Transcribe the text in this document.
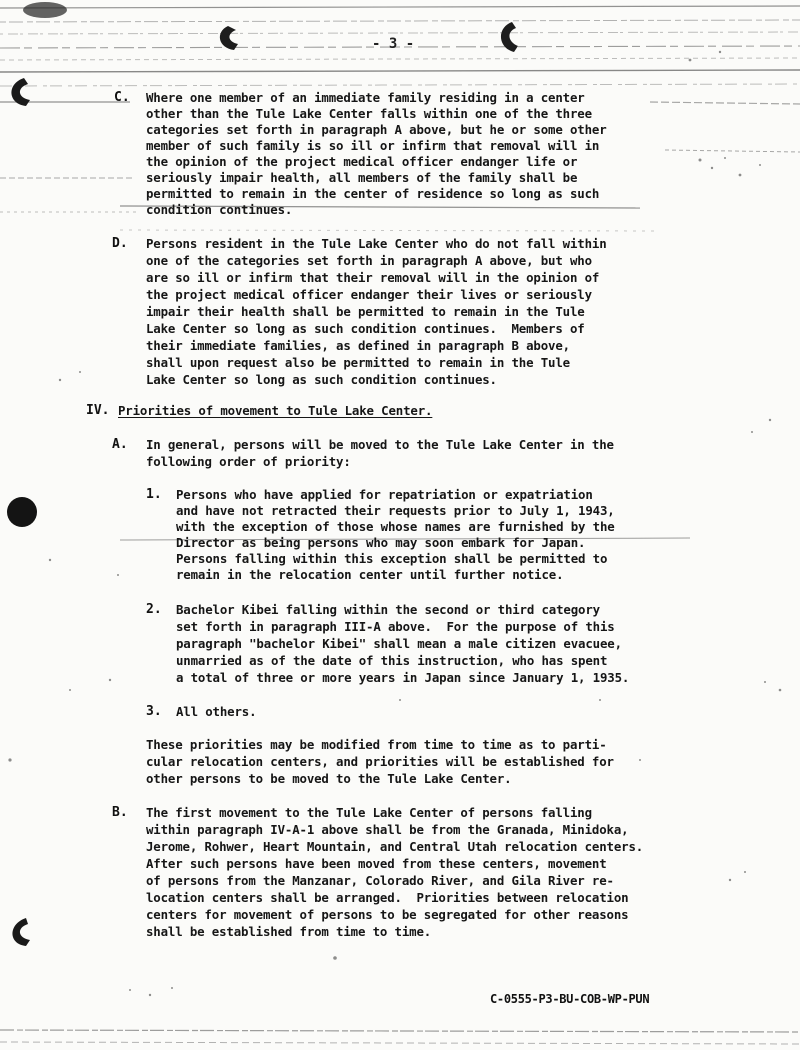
- 3 -
C. Where one member of an immediate family residing in a center
other than the Tule Lake Center falls within one of the three
categories set forth in paragraph A above, but he or some other
member of such family is so ill or infirm that removal will in
the opinion of the project medical officer endanger life or
seriously impair health, all members of the family shall be
permitted to remain in the center of residence so long as such
condition continues.
D. Persons resident in the Tule Lake Center who do not fall within
one of the categories set forth in paragraph A above, but who
are so ill or infirm that their removal will in the opinion of
the project medical officer endanger their lives or seriously
impair their health shall be permitted to remain in the Tule
Lake Center so long as such condition continues.  Members of
their immediate families, as defined in paragraph B above,
shall upon request also be permitted to remain in the Tule
Lake Center so long as such condition continues.
IV. Priorities of movement to Tule Lake Center.
A. In general, persons will be moved to the Tule Lake Center in the
following order of priority:
1. Persons who have applied for repatriation or expatriation
and have not retracted their requests prior to July 1, 1943,
with the exception of those whose names are furnished by the
Director as being persons who may soon embark for Japan.
Persons falling within this exception shall be permitted to
remain in the relocation center until further notice.
2. Bachelor Kibei falling within the second or third category
set forth in paragraph III-A above.  For the purpose of this
paragraph "bachelor Kibei" shall mean a male citizen evacuee,
unmarried as of the date of this instruction, who has spent
a total of three or more years in Japan since January 1, 1935.
3. All others.
These priorities may be modified from time to time as to parti-
cular relocation centers, and priorities will be established for
other persons to be moved to the Tule Lake Center.
B. The first movement to the Tule Lake Center of persons falling
within paragraph IV-A-1 above shall be from the Granada, Minidoka,
Jerome, Rohwer, Heart Mountain, and Central Utah relocation centers.
After such persons have been moved from these centers, movement
of persons from the Manzanar, Colorado River, and Gila River re-
location centers shall be arranged.  Priorities between relocation
centers for movement of persons to be segregated for other reasons
shall be established from time to time.
C-0555-P3-BU-COB-WP-PUN
